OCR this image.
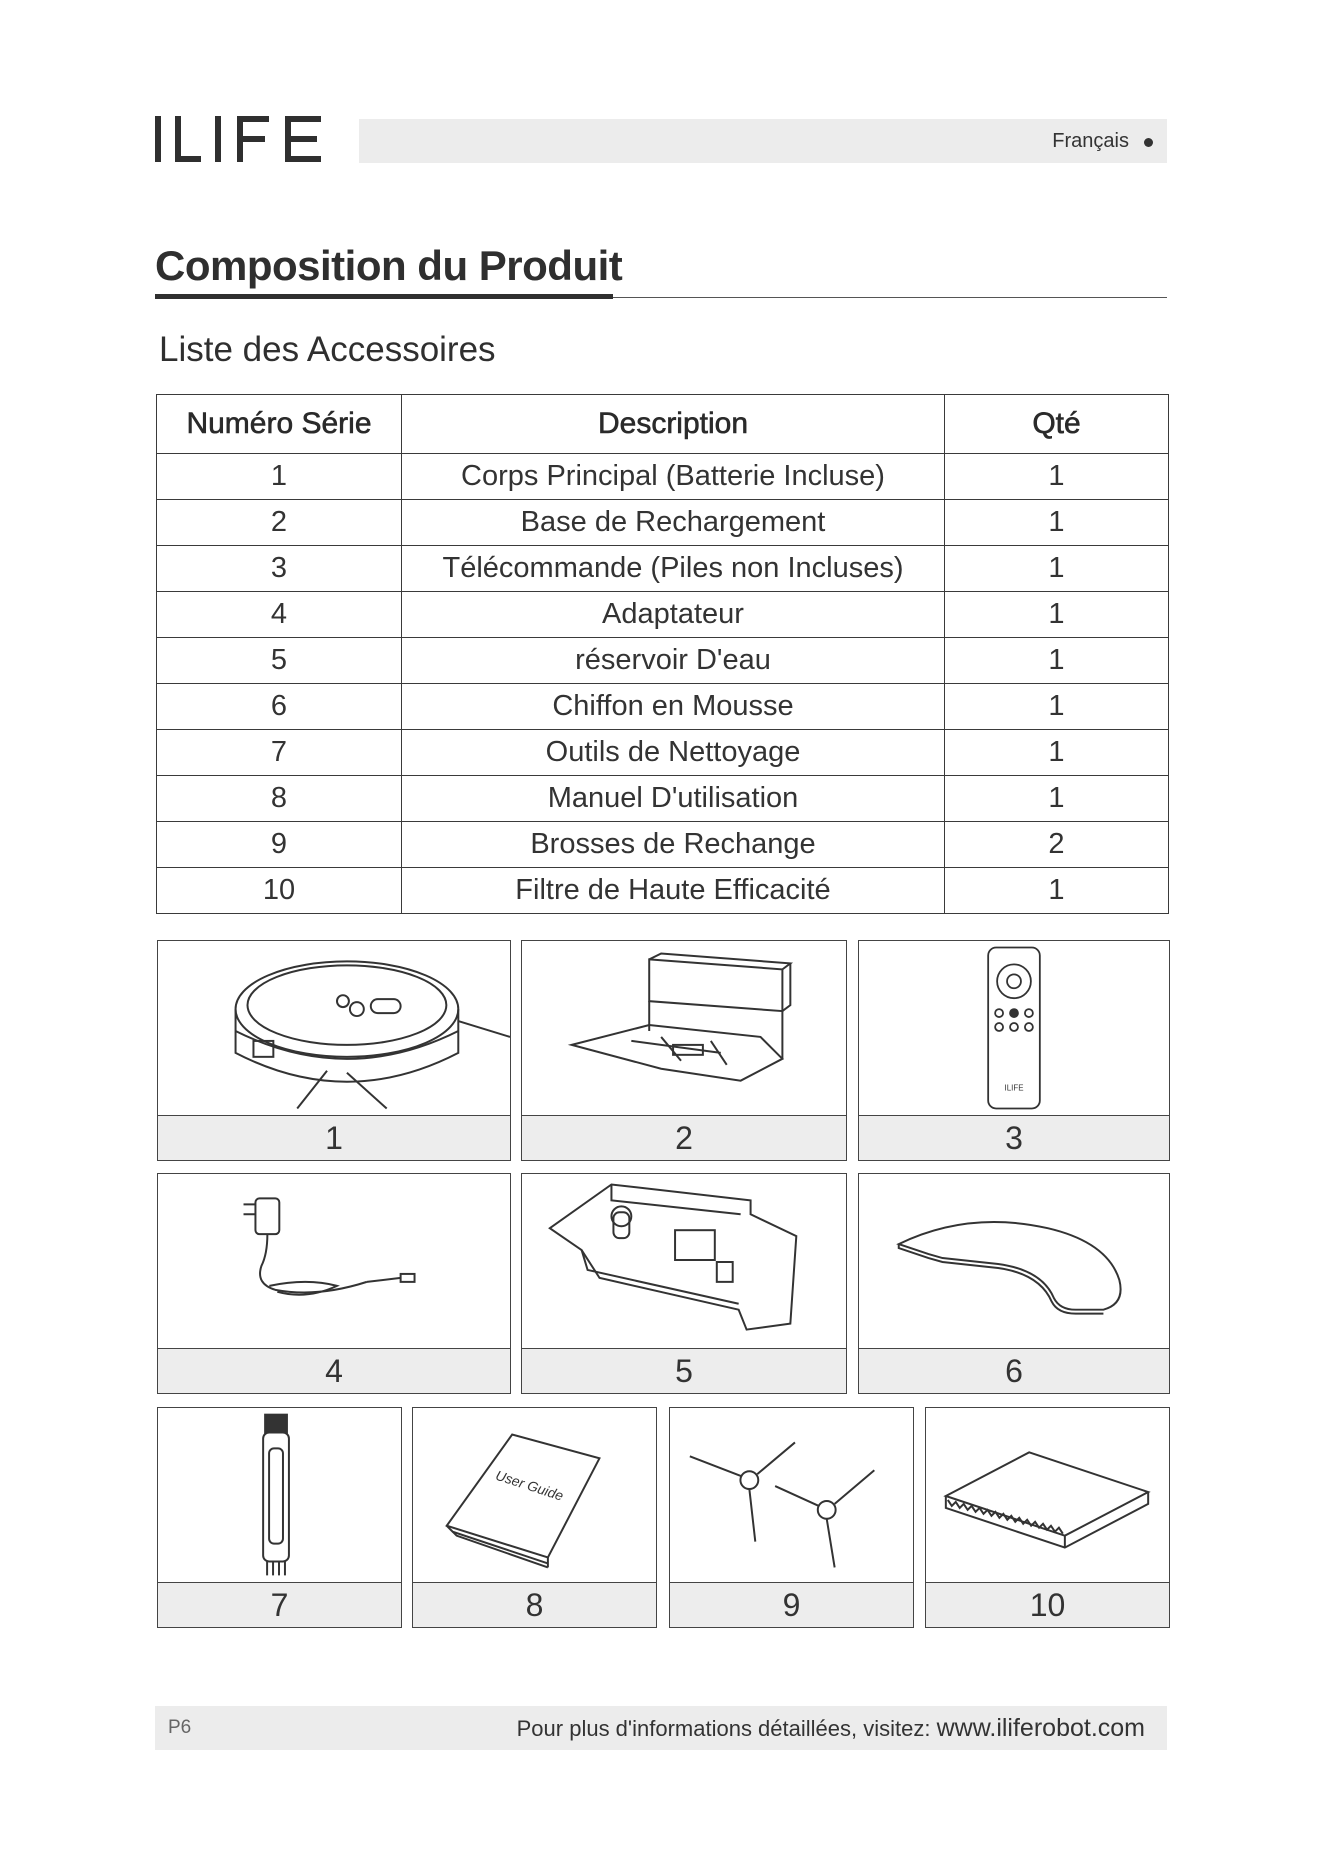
Français
Composition du Produit
Liste des Accessoires
Numéro Série	Description	Qté
1	Corps Principal (Batterie Incluse)	1
2	Base de Rechargement	1
3	Télécommande (Piles non Incluses)	1
4	Adaptateur	1
5	réservoir D'eau	1
6	Chiffon en Mousse	1
7	Outils de Nettoyage	1
8	Manuel D'utilisation	1
9	Brosses de Rechange	2
10	Filtre de Haute Efficacité	1
1	2
ILIFE
3
4	5	6
7
User Guide
8	9	10
P6	Pour plus d'informations détaillées, visitez: www.iliferobot.com
